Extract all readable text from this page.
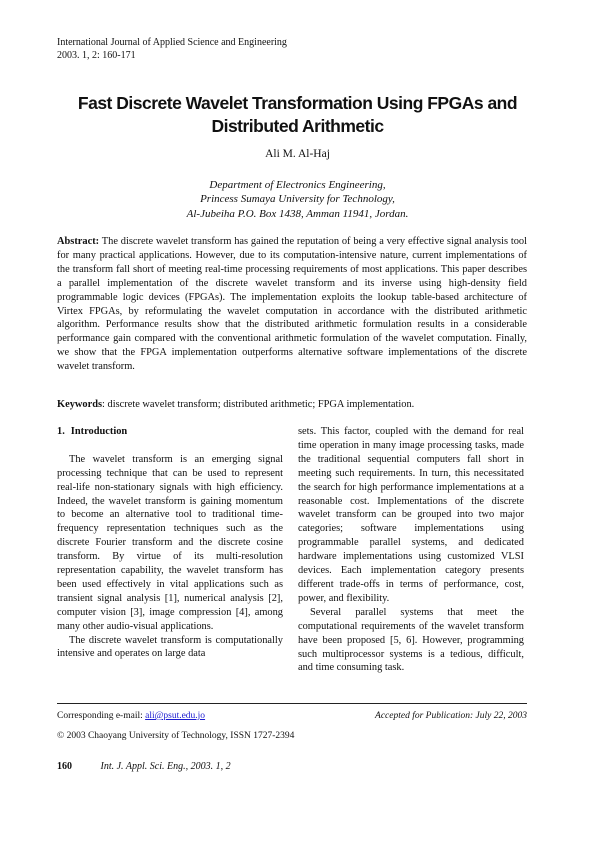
International Journal of Applied Science and Engineering
2003. 1, 2: 160-171
Fast Discrete Wavelet Transformation Using FPGAs and
Distributed Arithmetic
Ali M. Al-Haj
Department of Electronics Engineering,
Princess Sumaya University for Technology,
Al-Jubeiha P.O. Box 1438, Amman 11941, Jordan.
Abstract: The discrete wavelet transform has gained the reputation of being a very effective signal analysis tool for many practical applications. However, due to its computation-intensive nature, current implementations of the transform fall short of meeting real-time processing requirements of most applications. This paper describes a parallel implementation of the discrete wavelet transform and its inverse using high-density field programmable logic devices (FPGAs). The implementation exploits the lookup table-based architecture of Virtex FPGAs, by reformulating the wavelet computation in accordance with the distributed arithmetic algorithm. Performance results show that the distributed arithmetic formulation results in a considerable performance gain compared with the conventional arithmetic formulation of the wavelet computation. Finally, we show that the FPGA implementation outperforms alternative software implementations of the discrete wavelet transform.
Keywords: discrete wavelet transform; distributed arithmetic; FPGA implementation.
1. Introduction

The wavelet transform is an emerging signal processing technique that can be used to represent real-life non-stationary signals with high efficiency. Indeed, the wavelet transform is gaining momentum to become an alternative tool to traditional time-frequency representation techniques such as the discrete Fourier transform and the discrete cosine transform. By virtue of its multi-resolution representation capability, the wavelet transform has been used effectively in vital applications such as transient signal analysis [1], numerical analysis [2], computer vision [3], image compression [4], among many other audio-visual applications.

The discrete wavelet transform is computationally intensive and operates on large data

sets. This factor, coupled with the demand for real time operation in many image processing tasks, made the traditional sequential computers fall short in meeting such requirements. In turn, this necessitated the search for high performance implementations at a reasonable cost. Implementations of the discrete wavelet transform can be grouped into two major categories; software implementations using programmable parallel systems, and dedicated hardware implementations using customized VLSI devices. Each implementation category presents different trade-offs in terms of performance, cost, power, and flexibility.

Several parallel systems that meet the computational requirements of the wavelet transform have been proposed [5, 6]. However, programming such multiprocessor systems is a tedious, difficult, and time consuming task.

Corresponding e-mail: ali@psut.edu.jo	Accepted for Publication: July 22, 2003
© 2003 Chaoyang University of Technology, ISSN 1727-2394
160	Int. J. Appl. Sci. Eng., 2003. 1, 2
